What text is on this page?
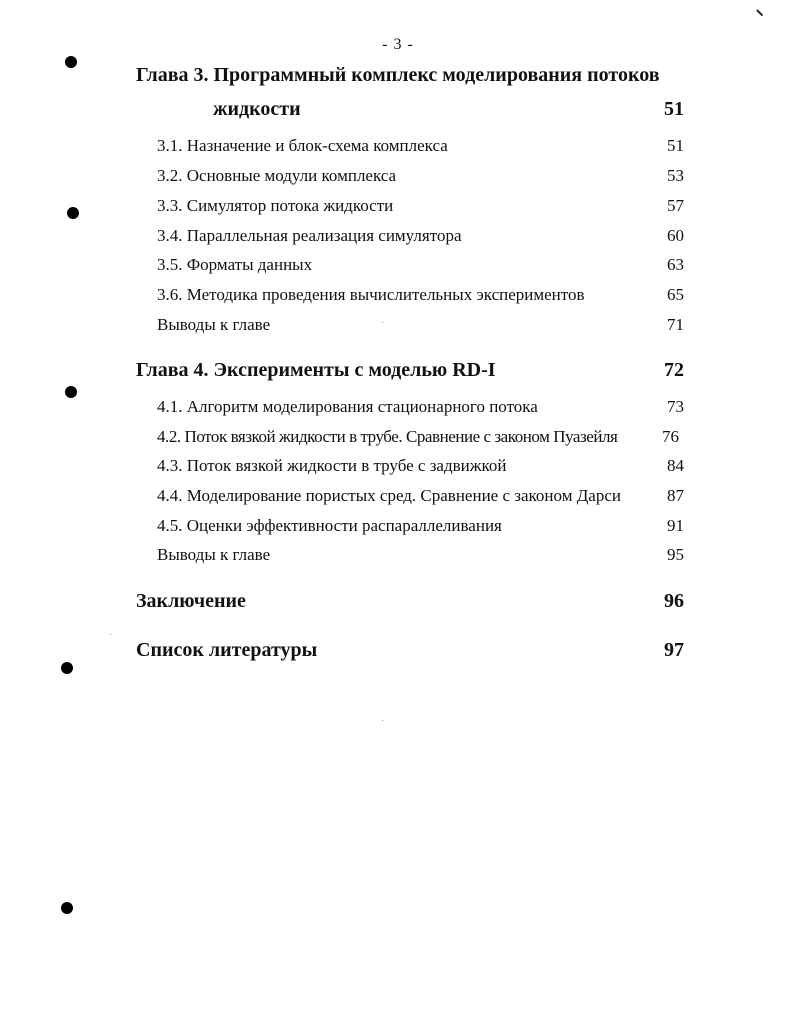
- 3 -
Глава 3. Программный комплекс моделирования потоков
жидкости	51
3.1. Назначение и блок-схема комплекса	51
3.2. Основные модули комплекса	53
3.3. Симулятор потока жидкости	57
3.4. Параллельная реализация симулятора	60
3.5. Форматы данных	63
3.6. Методика проведения вычислительных экспериментов	65
Выводы к главе	71
Глава 4. Эксперименты с моделью RD-I	72
4.1. Алгоритм моделирования стационарного потока	73
4.2. Поток вязкой жидкости в трубе. Сравнение с законом Пуазейля	76
4.3. Поток вязкой жидкости в трубе с задвижкой	84
4.4. Моделирование пористых сред. Сравнение с законом Дарси	87
4.5. Оценки эффективности распараллеливания	91
Выводы к главе	95
Заключение	96
Список литературы	97
